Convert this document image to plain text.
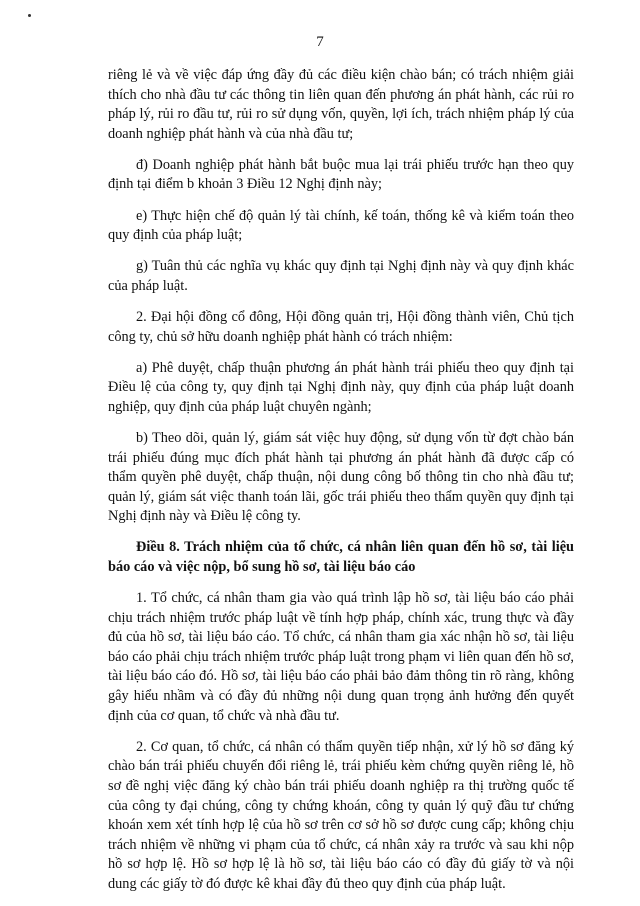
7

riêng lẻ và về việc đáp ứng đầy đủ các điều kiện chào bán; có trách nhiệm giải thích cho nhà đầu tư các thông tin liên quan đến phương án phát hành, các rủi ro pháp lý, rủi ro đầu tư, rủi ro sử dụng vốn, quyền, lợi ích, trách nhiệm pháp lý của doanh nghiệp phát hành và của nhà đầu tư;

đ) Doanh nghiệp phát hành bắt buộc mua lại trái phiếu trước hạn theo quy định tại điểm b khoản 3 Điều 12 Nghị định này;

e) Thực hiện chế độ quản lý tài chính, kế toán, thống kê và kiểm toán theo quy định của pháp luật;

g) Tuân thủ các nghĩa vụ khác quy định tại Nghị định này và quy định khác của pháp luật.

2. Đại hội đồng cổ đông, Hội đồng quản trị, Hội đồng thành viên, Chủ tịch công ty, chủ sở hữu doanh nghiệp phát hành có trách nhiệm:

a) Phê duyệt, chấp thuận phương án phát hành trái phiếu theo quy định tại Điều lệ của công ty, quy định tại Nghị định này, quy định của pháp luật doanh nghiệp, quy định của pháp luật chuyên ngành;

b) Theo dõi, quản lý, giám sát việc huy động, sử dụng vốn từ đợt chào bán trái phiếu đúng mục đích phát hành tại phương án phát hành đã được cấp có thẩm quyền phê duyệt, chấp thuận, nội dung công bố thông tin cho nhà đầu tư; quản lý, giám sát việc thanh toán lãi, gốc trái phiếu theo thẩm quyền quy định tại Nghị định này và Điều lệ công ty.

Điều 8. Trách nhiệm của tổ chức, cá nhân liên quan đến hồ sơ, tài liệu báo cáo và việc nộp, bổ sung hồ sơ, tài liệu báo cáo

1. Tổ chức, cá nhân tham gia vào quá trình lập hồ sơ, tài liệu báo cáo phải chịu trách nhiệm trước pháp luật về tính hợp pháp, chính xác, trung thực và đầy đủ của hồ sơ, tài liệu báo cáo. Tổ chức, cá nhân tham gia xác nhận hồ sơ, tài liệu báo cáo phải chịu trách nhiệm trước pháp luật trong phạm vi liên quan đến hồ sơ, tài liệu báo cáo đó. Hồ sơ, tài liệu báo cáo phải bảo đảm thông tin rõ ràng, không gây hiểu nhầm và có đầy đủ những nội dung quan trọng ảnh hưởng đến quyết định của cơ quan, tổ chức và nhà đầu tư.

2. Cơ quan, tổ chức, cá nhân có thẩm quyền tiếp nhận, xử lý hồ sơ đăng ký chào bán trái phiếu chuyển đổi riêng lẻ, trái phiếu kèm chứng quyền riêng lẻ, hồ sơ đề nghị việc đăng ký chào bán trái phiếu doanh nghiệp ra thị trường quốc tế của công ty đại chúng, công ty chứng khoán, công ty quản lý quỹ đầu tư chứng khoán xem xét tính hợp lệ của hồ sơ trên cơ sở hồ sơ được cung cấp; không chịu trách nhiệm về những vi phạm của tổ chức, cá nhân xảy ra trước và sau khi nộp hồ sơ hợp lệ. Hồ sơ hợp lệ là hồ sơ, tài liệu báo cáo có đầy đủ giấy tờ và nội dung các giấy tờ đó được kê khai đầy đủ theo quy định của pháp luật.
